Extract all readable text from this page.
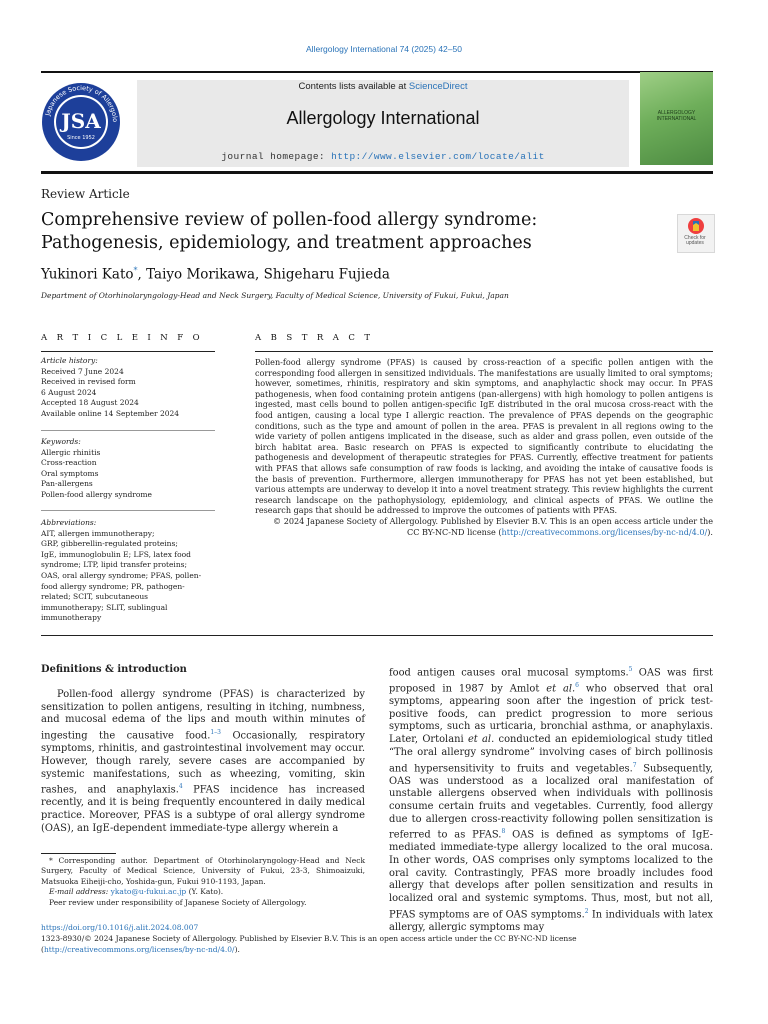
Allergology International 74 (2025) 42–50
JSA
Since 1952
Japanese Society of Allergolo
Contents lists available at ScienceDirect
Allergology International
journal homepage: http://www.elsevier.com/locate/alit
ALLERGOLOGY INTERNATIONAL
Review Article
Comprehensive review of pollen-food allergy syndrome:
Pathogenesis, epidemiology, and treatment approaches	Check for updates
Yukinori Kato*, Taiyo Morikawa, Shigeharu Fujieda
Department of Otorhinolaryngology-Head and Neck Surgery, Faculty of Medical Science, University of Fukui, Fukui, Japan
A R T I C L E I N F O
Article history:
Received 7 June 2024
Received in revised form
6 August 2024
Accepted 18 August 2024
Available online 14 September 2024
Keywords:
Allergic rhinitis
Cross-reaction
Oral symptoms
Pan-allergens
Pollen-food allergy syndrome
Abbreviations:
AIT, allergen immunotherapy;
GRP, gibberellin-regulated proteins;
IgE, immunoglobulin E; LFS, latex food
syndrome; LTP, lipid transfer proteins;
OAS, oral allergy syndrome; PFAS, pollen-
food allergy syndrome; PR, pathogen-
related; SCIT, subcutaneous
immunotherapy; SLIT, sublingual
immunotherapy
A B S T R A C T

Pollen-food allergy syndrome (PFAS) is caused by cross-reaction of a specific pollen antigen with the corresponding food allergen in sensitized individuals. The manifestations are usually limited to oral symptoms; however, sometimes, rhinitis, respiratory and skin symptoms, and anaphylactic shock may occur. In PFAS pathogenesis, when food containing protein antigens (pan-allergens) with high homology to pollen antigens is ingested, mast cells bound to pollen antigen-specific IgE distributed in the oral mucosa cross-react with the food antigen, causing a local type I allergic reaction. The prevalence of PFAS depends on the geographic conditions, such as the type and amount of pollen in the area. PFAS is prevalent in all regions owing to the wide variety of pollen antigens implicated in the disease, such as alder and grass pollen, even outside of the birch habitat area. Basic research on PFAS is expected to significantly contribute to elucidating the pathogenesis and development of therapeutic strategies for PFAS. Currently, effective treatment for patients with PFAS that allows safe consumption of raw foods is lacking, and avoiding the intake of causative foods is the basis of prevention. Furthermore, allergen immunotherapy for PFAS has not yet been established, but various attempts are underway to develop it into a novel treatment strategy. This review highlights the current research landscape on the pathophysiology, epidemiology, and clinical aspects of PFAS. We outline the research gaps that should be addressed to improve the outcomes of patients with PFAS.

© 2024 Japanese Society of Allergology. Published by Elsevier B.V. This is an open access article under the
CC BY-NC-ND license (http://creativecommons.org/licenses/by-nc-nd/4.0/).

Definitions & introduction

Pollen-food allergy syndrome (PFAS) is characterized by sensitization to pollen antigens, resulting in itching, numbness, and mucosal edema of the lips and mouth within minutes of ingesting the causative food.$^{1-3}$ Occasionally, respiratory symptoms, rhinitis, and gastrointestinal involvement may occur. However, though rarely, severe cases are accompanied by systemic manifestations, such as wheezing, vomiting, skin rashes, and anaphylaxis.$^4$ PFAS incidence has increased recently, and it is being frequently encountered in daily medical practice. Moreover, PFAS is a subtype of oral allergy syndrome (OAS), an IgE-dependent immediate-type allergy wherein a

food antigen causes oral mucosal symptoms.$^5$ OAS was first proposed in 1987 by Amlot et al.$^6$ who observed that oral symptoms, appearing soon after the ingestion of prick test-positive foods, can predict progression to more serious symptoms, such as urticaria, bronchial asthma, or anaphylaxis. Later, Ortolani et al. conducted an epidemiological study titled “The oral allergy syndrome” involving cases of birch pollinosis and hypersensitivity to fruits and vegetables.$^7$ Subsequently, OAS was understood as a localized oral manifestation of unstable allergens observed when individuals with pollinosis consume certain fruits and vegetables. Currently, food allergy due to allergen cross-reactivity following pollen sensitization is referred to as PFAS.$^8$ OAS is defined as symptoms of IgE-mediated immediate-type allergy localized to the oral mucosa. In other words, OAS comprises only symptoms localized to the oral cavity. Contrastingly, PFAS more broadly includes food allergy that develops after pollen sensitization and results in localized oral and systemic symptoms. Thus, most, but not all, PFAS symptoms are of OAS symptoms.$^2$ In individuals with latex allergy, allergic symptoms may

* Corresponding author. Department of Otorhinolaryngology-Head and Neck Surgery, Faculty of Medical Science, University of Fukui, 23-3, Shimoaizuki, Matsuoka Eiheiji-cho, Yoshida-gun, Fukui 910-1193, Japan.

E-mail address: ykato@u-fukui.ac.jp (Y. Kato).

Peer review under responsibility of Japanese Society of Allergology.

https://doi.org/10.1016/j.alit.2024.08.007
1323-8930/© 2024 Japanese Society of Allergology. Published by Elsevier B.V. This is an open access article under the CC BY-NC-ND license (http://creativecommons.org/licenses/by-nc-nd/4.0/).
